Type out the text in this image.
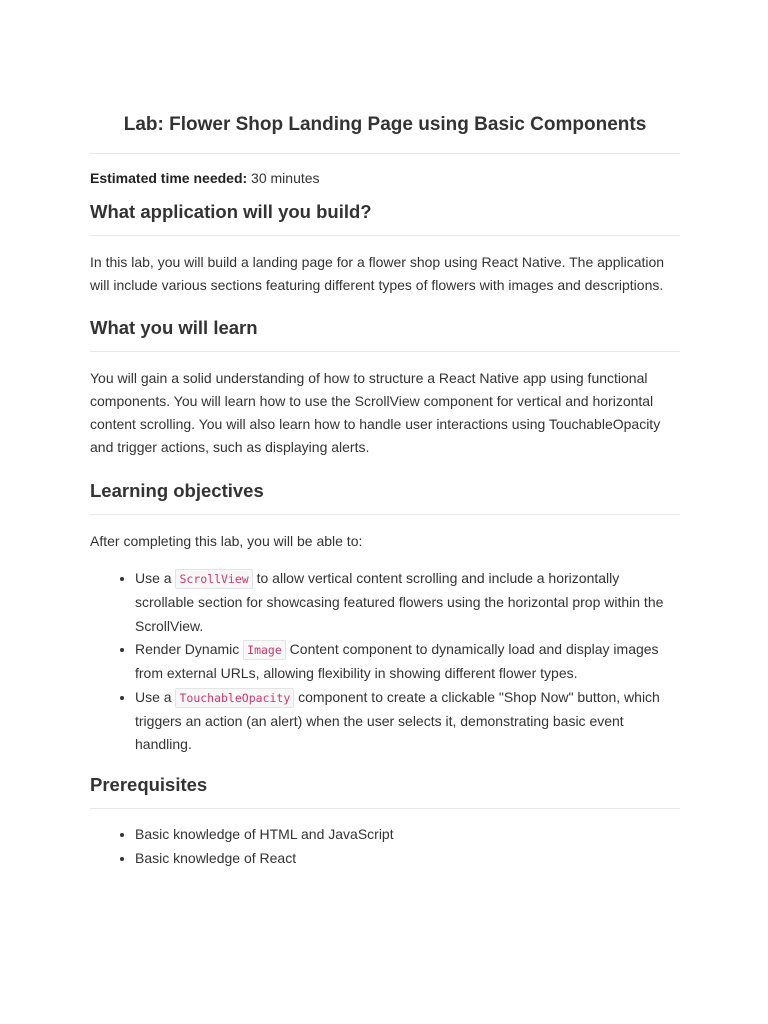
Lab: Flower Shop Landing Page using Basic Components
Estimated time needed: 30 minutes
What application will you build?

In this lab, you will build a landing page for a flower shop using React Native. The application will include various sections featuring different types of flowers with images and descriptions.

What you will learn

You will gain a solid understanding of how to structure a React Native app using functional components. You will learn how to use the ScrollView component for vertical and horizontal content scrolling. You will also learn how to handle user interactions using TouchableOpacity and trigger actions, such as displaying alerts.

Learning objectives

After completing this lab, you will be able to:

• Use a ScrollView to allow vertical content scrolling and include a horizontally scrollable section for showcasing featured flowers using the horizontal prop within the ScrollView.
• Render Dynamic Image Content component to dynamically load and display images from external URLs, allowing flexibility in showing different flower types.
• Use a TouchableOpacity component to create a clickable "Shop Now" button, which triggers an action (an alert) when the user selects it, demonstrating basic event handling.
Prerequisites
• Basic knowledge of HTML and JavaScript
• Basic knowledge of React
